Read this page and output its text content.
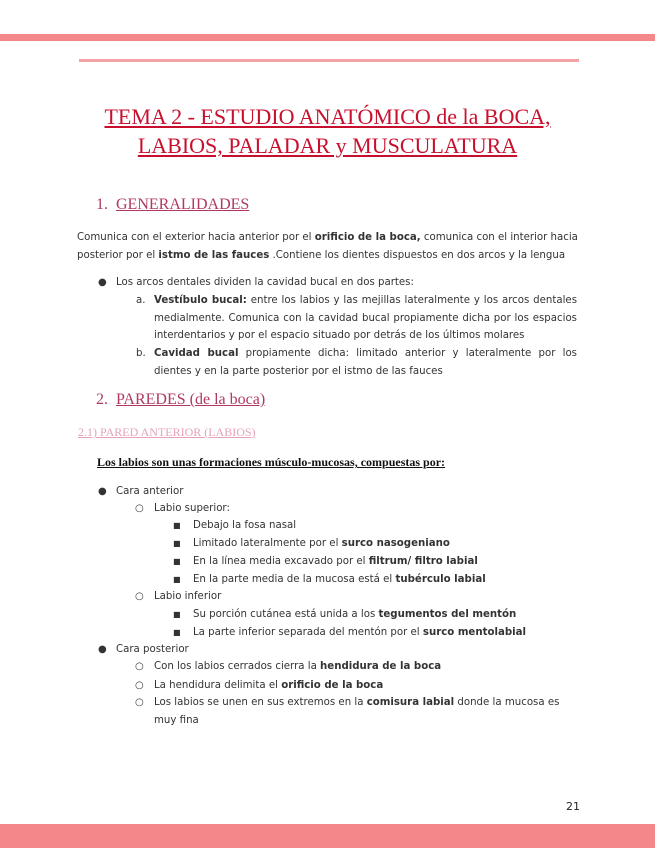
TEMA 2 - ESTUDIO ANATÓMICO de la BOCA,
LABIOS, PALADAR y MUSCULATURA
1. GENERALIDADES

Comunica con el exterior hacia anterior por el orificio de la boca, comunica con el interior hacia posterior por el istmo de las fauces .Contiene los dientes dispuestos en dos arcos y la lengua

● Los arcos dentales dividen la cavidad bucal en dos partes:
a. Vestíbulo bucal: entre los labios y las mejillas lateralmente y los arcos dentales medialmente. Comunica con la cavidad bucal propiamente dicha por los espacios interdentarios y por el espacio situado por detrás de los últimos molares

b. Cavidad bucal propiamente dicha: limitado anterior y lateralmente por los dientes y en la parte posterior por el istmo de las fauces

2. PAREDES (de la boca)
2.1) PARED ANTERIOR (LABIOS)
Los labios son unas formaciones músculo-mucosas, compuestas por:
● Cara anterior
○ Labio superior:
■ Debajo la fosa nasal
■ Limitado lateralmente por el surco nasogeniano
■ En la línea media excavado por el filtrum/ filtro labial
■ En la parte media de la mucosa está el tubérculo labial
○ Labio inferior
■ Su porción cutánea está unida a los tegumentos del mentón
■ La parte inferior separada del mentón por el surco mentolabial
● Cara posterior
○ Con los labios cerrados cierra la hendidura de la boca
○ La hendidura delimita el orificio de la boca
○ Los labios se unen en sus extremos en la comisura labial donde la mucosa es muy fina

21
